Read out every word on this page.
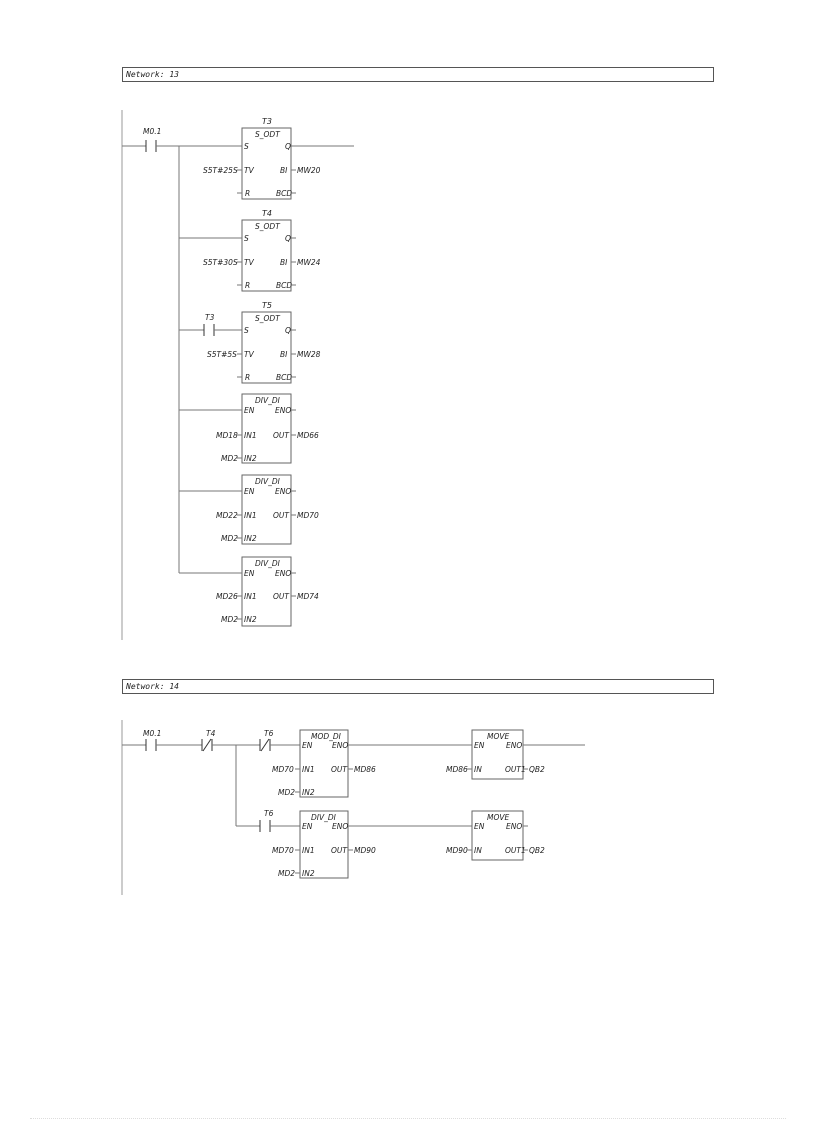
Network: 13
Network: 14
M0.1
T3
S_ODT
S	Q
S5T#25S TV	BI MW20
R	BCD
T4
S_ODT
S	Q
S5T#30S TV	BI MW24
R	BCD
T3
T5
S_ODT
S	Q
S5T#5S TV	BI MW28
R	BCD
DIV_DI
EN	ENO
MD18 IN1 OUT MD66
MD2 IN2
DIV_DI
EN	ENO
MD22 IN1 OUT MD70
MD2 IN2
DIV_DI
EN	ENO
MD26 IN1 OUT MD74
MD2 IN2
M0.1	T4	T6	MOD_DI
EN	ENO
MD70 IN1 OUT MD86
MD2 IN2
MOVE
EN	ENO
MD86 IN	OUT1 QB2
T6	DIV_DI
EN	ENO
MD70 IN1 OUT MD90
MD2 IN2
MOVE
EN	ENO
MD90 IN	OUT1 QB2
